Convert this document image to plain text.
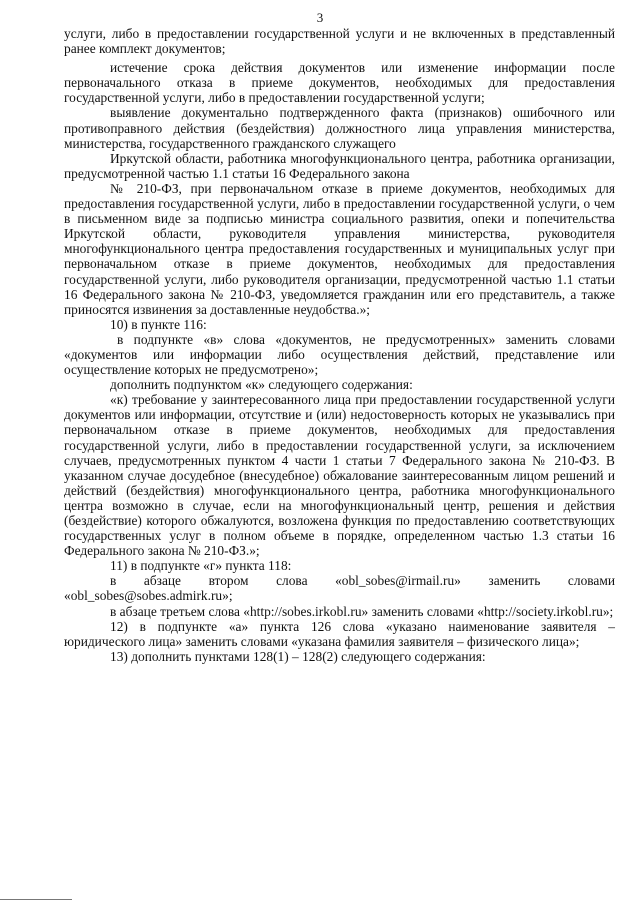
3

услуги, либо в предоставлении государственной услуги и не включенных в представленный ранее комплект документов;

истечение срока действия документов или изменение информации после первоначального отказа в приеме документов, необходимых для предоставления государственной услуги, либо в предоставлении государственной услуги;

выявление документально подтвержденного факта (признаков) ошибочного или противоправного действия (бездействия) должностного лица управления министерства, министерства, государственного гражданского служащего

Иркутской области, работника многофункционального центра, работника организации, предусмотренной частью 1.1 статьи 16 Федерального закона

№ 210-ФЗ, при первоначальном отказе в приеме документов, необходимых для предоставления государственной услуги, либо в предоставлении государственной услуги, о чем в письменном виде за подписью министра социального развития, опеки и попечительства Иркутской области, руководителя управления министерства, руководителя многофункционального центра предоставления государственных и муниципальных услуг при первоначальном отказе в приеме документов, необходимых для предоставления государственной услуги, либо руководителя организации, предусмотренной частью 1.1 статьи 16 Федерального закона № 210-ФЗ, уведомляется гражданин или его представитель, а также приносятся извинения за доставленные неудобства.»;

10) в пункте 116:

в подпункте «в» слова «документов, не предусмотренных» заменить словами «документов или информации либо осуществления действий, представление или осуществление которых не предусмотрено»;

дополнить подпунктом «к» следующего содержания:

«к) требование у заинтересованного лица при предоставлении государственной услуги документов или информации, отсутствие и (или) недостоверность которых не указывались при первоначальном отказе в приеме документов, необходимых для предоставления государственной услуги, либо в предоставлении государственной услуги, за исключением случаев, предусмотренных пунктом 4 части 1 статьи 7 Федерального закона № 210-ФЗ. В указанном случае досудебное (внесудебное) обжалование заинтересованным лицом решений и действий (бездействия) многофункционального центра, работника многофункционального центра возможно в случае, если на многофункциональный центр, решения и действия (бездействие) которого обжалуются, возложена функция по предоставлению соответствующих государственных услуг в полном объеме в порядке, определенном частью 1.3 статьи 16 Федерального закона № 210-ФЗ.»;

11) в подпункте «г» пункта 118:

в абзаце втором слова «obl_sobes@irmail.ru» заменить словами «obl_sobes@sobes.admirk.ru»;

в абзаце третьем слова «http://sobes.irkobl.ru» заменить словами «http://society.irkobl.ru»;

12) в подпункте «а» пункта 126 слова «указано наименование заявителя – юридического лица» заменить словами «указана фамилия заявителя – физического лица»;

13) дополнить пунктами 128(1) – 128(2) следующего содержания:
